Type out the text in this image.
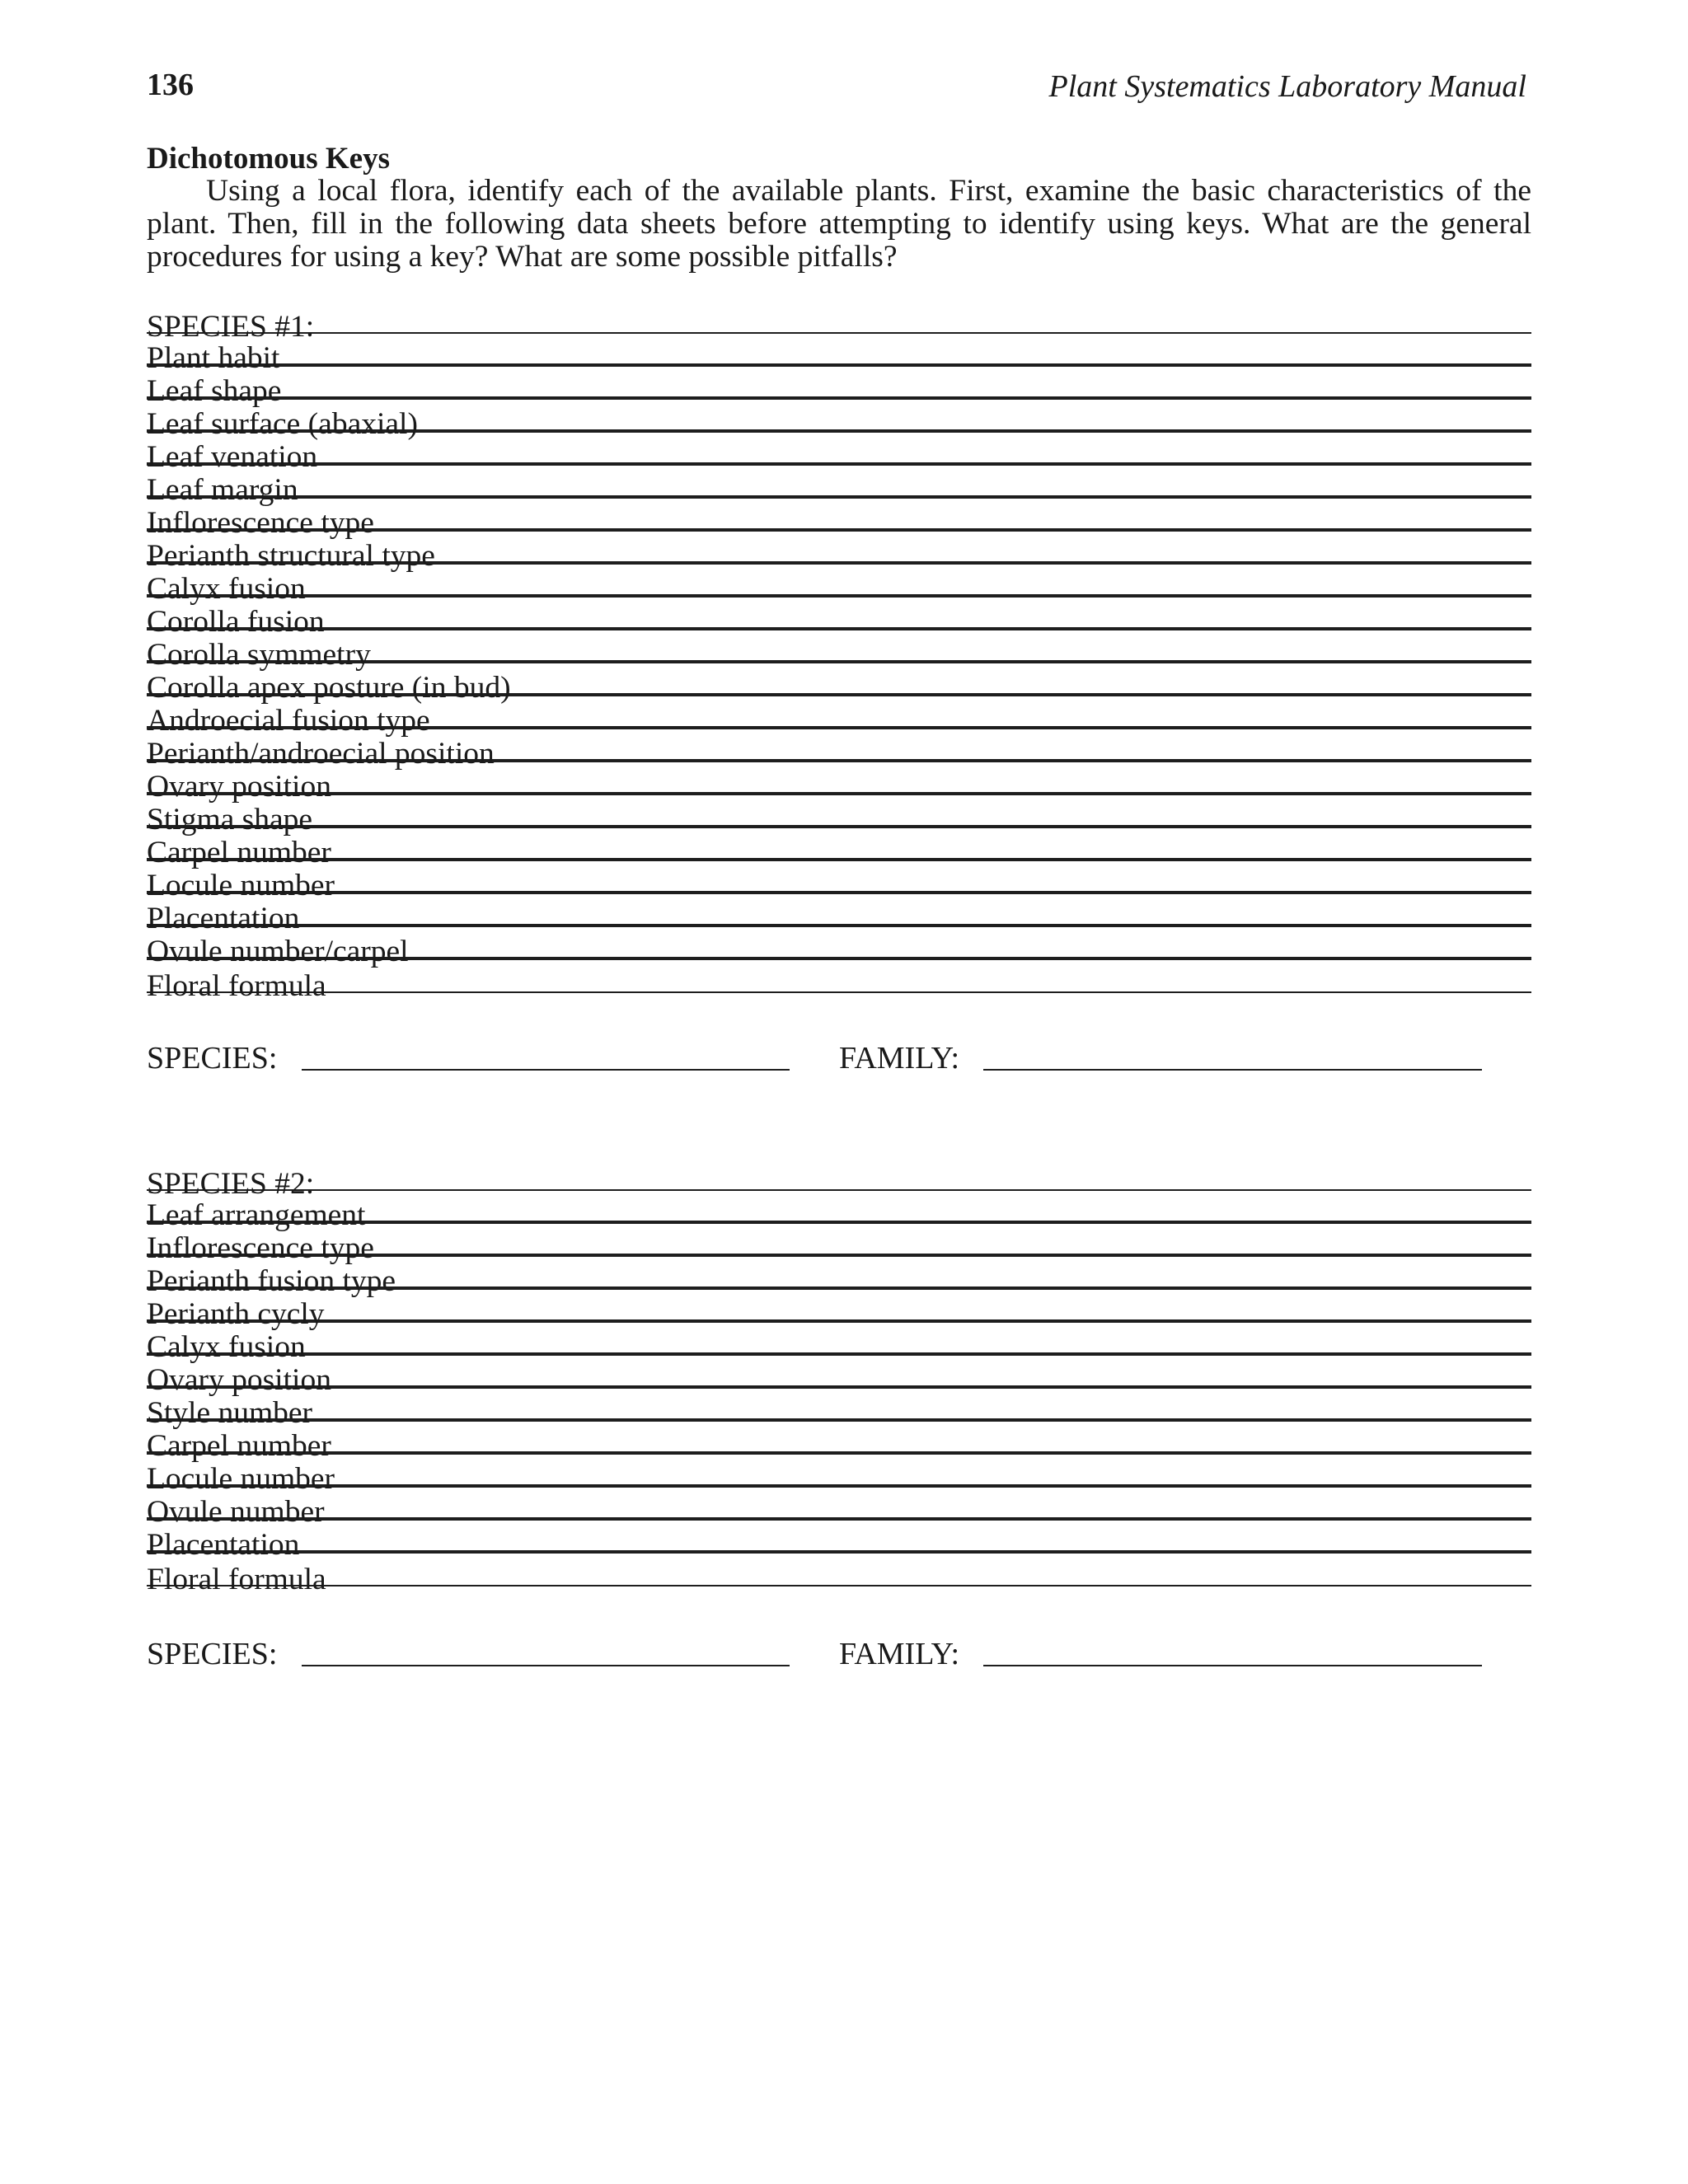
136	Plant Systematics Laboratory Manual
Dichotomous Keys

Using a local flora, identify each of the available plants. First, examine the basic characteristics of the plant. Then, fill in the following data sheets before attempting to identify using keys. What are the general procedures for using a key? What are some possible pitfalls?

SPECIES #1:
Plant habit
Leaf shape
Leaf surface (abaxial)
Leaf venation
Leaf margin
Inflorescence type
Perianth structural type
Calyx fusion
Corolla fusion
Corolla symmetry
Corolla apex posture (in bud)
Androecial fusion type
Perianth/androecial position
Ovary position
Stigma shape
Carpel number
Locule number
Placentation
Ovule number/carpel
Floral formula
SPECIES:	FAMILY:
SPECIES #2:
Leaf arrangement
Inflorescence type
Perianth fusion type
Perianth cycly
Calyx fusion
Ovary position
Style number
Carpel number
Locule number
Ovule number
Placentation
Floral formula
SPECIES:	FAMILY:
